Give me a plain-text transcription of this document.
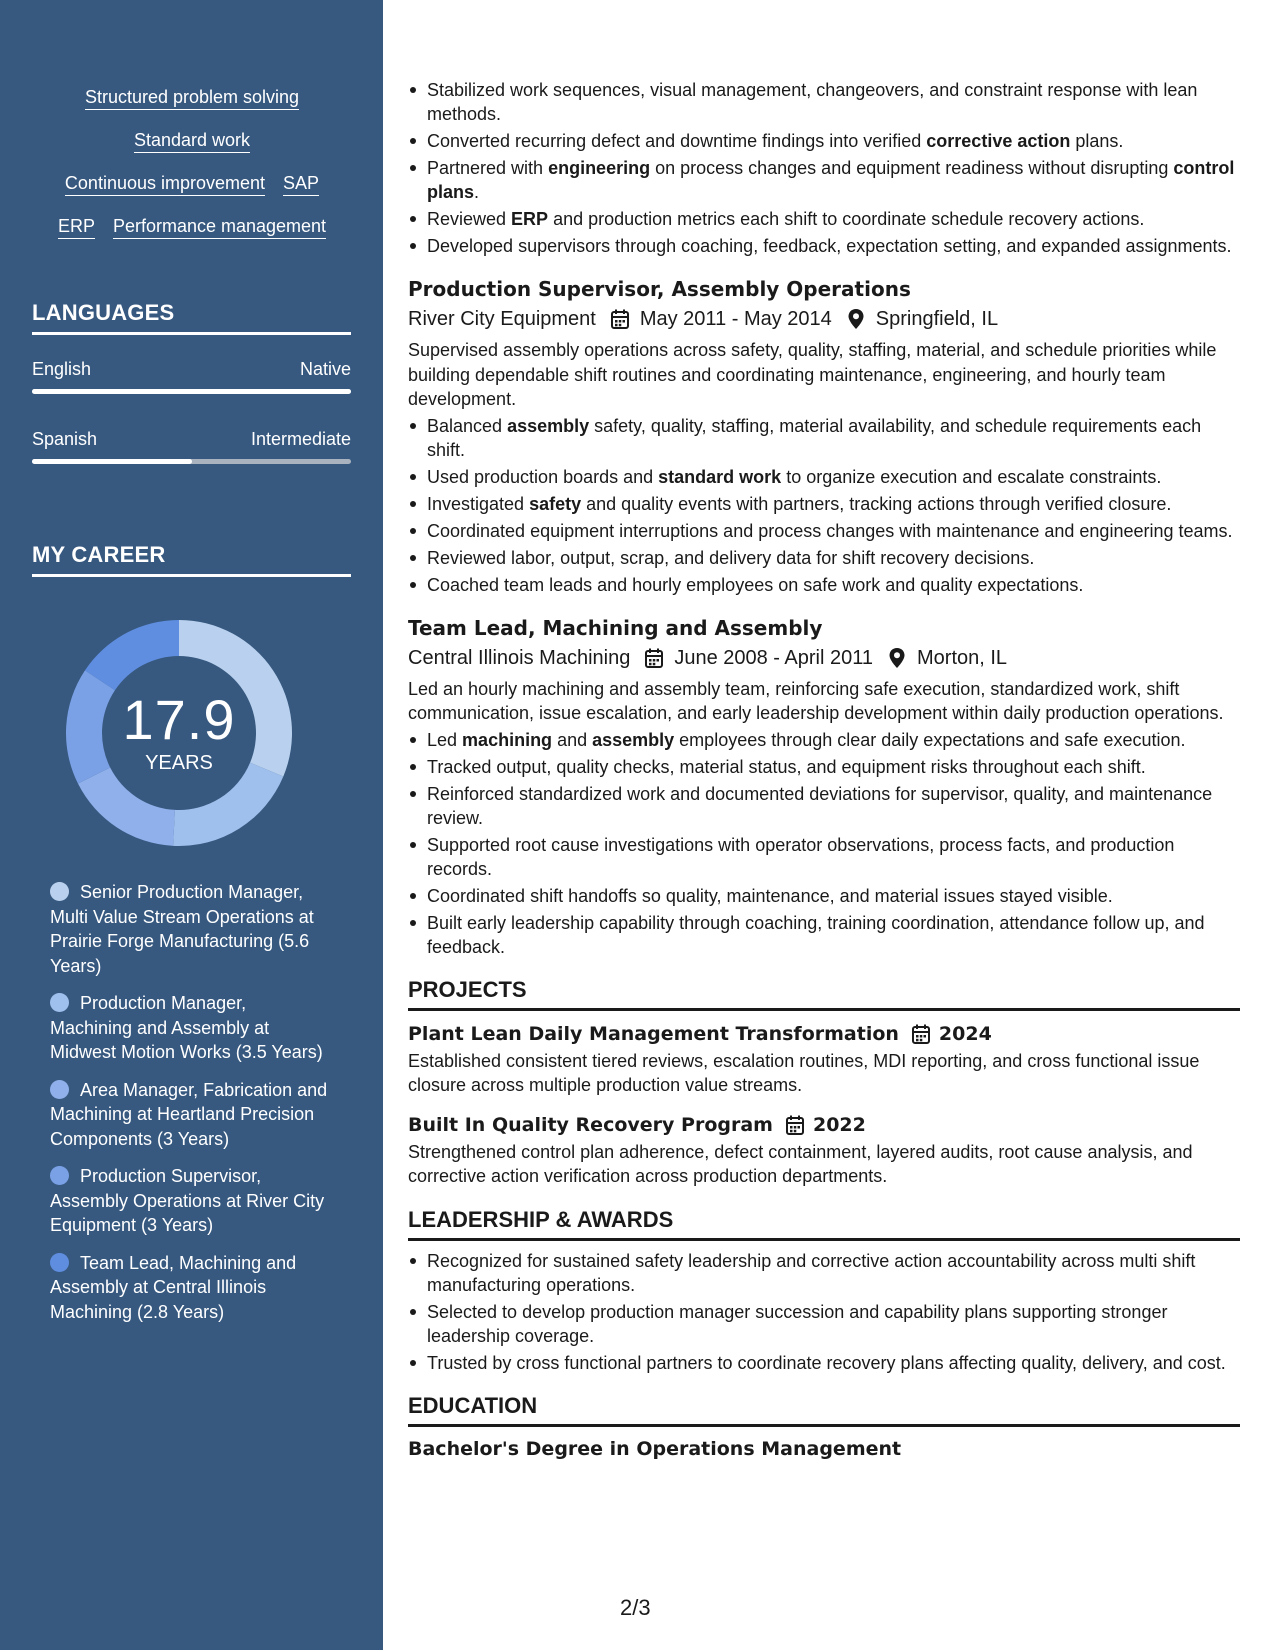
Structured problem solving
Standard work
Continuous improvement SAP
ERP Performance management
LANGUAGES
English	Native
Spanish	Intermediate
MY CAREER
17.9
YEARS
Senior Production Manager, Multi Value Stream Operations at Prairie Forge Manufacturing (5.6 Years)
Production Manager, Machining and Assembly at Midwest Motion Works (3.5 Years)
Area Manager, Fabrication and Machining at Heartland Precision Components (3 Years)
Production Supervisor, Assembly Operations at River City Equipment (3 Years)
Team Lead, Machining and Assembly at Central Illinois Machining (2.8 Years)
Stabilized work sequences, visual management, changeovers, and constraint response with lean methods.
Converted recurring defect and downtime findings into verified corrective action plans.
Partnered with engineering on process changes and equipment readiness without disrupting control plans.
Reviewed ERP and production metrics each shift to coordinate schedule recovery actions.
Developed supervisors through coaching, feedback, expectation setting, and expanded assignments.
Production Supervisor, Assembly Operations
River City Equipment May 2011 - May 2014 Springfield, IL
Supervised assembly operations across safety, quality, staffing, material, and schedule priorities while building dependable shift routines and coordinating maintenance, engineering, and hourly team development.
Balanced assembly safety, quality, staffing, material availability, and schedule requirements each shift.
Used production boards and standard work to organize execution and escalate constraints.
Investigated safety and quality events with partners, tracking actions through verified closure.
Coordinated equipment interruptions and process changes with maintenance and engineering teams.
Reviewed labor, output, scrap, and delivery data for shift recovery decisions.
Coached team leads and hourly employees on safe work and quality expectations.
Team Lead, Machining and Assembly
Central Illinois Machining June 2008 - April 2011 Morton, IL
Led an hourly machining and assembly team, reinforcing safe execution, standardized work, shift communication, issue escalation, and early leadership development within daily production operations.
Led machining and assembly employees through clear daily expectations and safe execution.
Tracked output, quality checks, material status, and equipment risks throughout each shift.
Reinforced standardized work and documented deviations for supervisor, quality, and maintenance review.
Supported root cause investigations with operator observations, process facts, and production records.
Coordinated shift handoffs so quality, maintenance, and material issues stayed visible.
Built early leadership capability through coaching, training coordination, attendance follow up, and feedback.
PROJECTS
Plant Lean Daily Management Transformation 2024
Established consistent tiered reviews, escalation routines, MDI reporting, and cross functional issue closure across multiple production value streams.
Built In Quality Recovery Program 2022
Strengthened control plan adherence, defect containment, layered audits, root cause analysis, and corrective action verification across production departments.
LEADERSHIP & AWARDS
Recognized for sustained safety leadership and corrective action accountability across multi shift manufacturing operations.
Selected to develop production manager succession and capability plans supporting stronger leadership coverage.
Trusted by cross functional partners to coordinate recovery plans affecting quality, delivery, and cost.
EDUCATION
Bachelor's Degree in Operations Management
2/3
